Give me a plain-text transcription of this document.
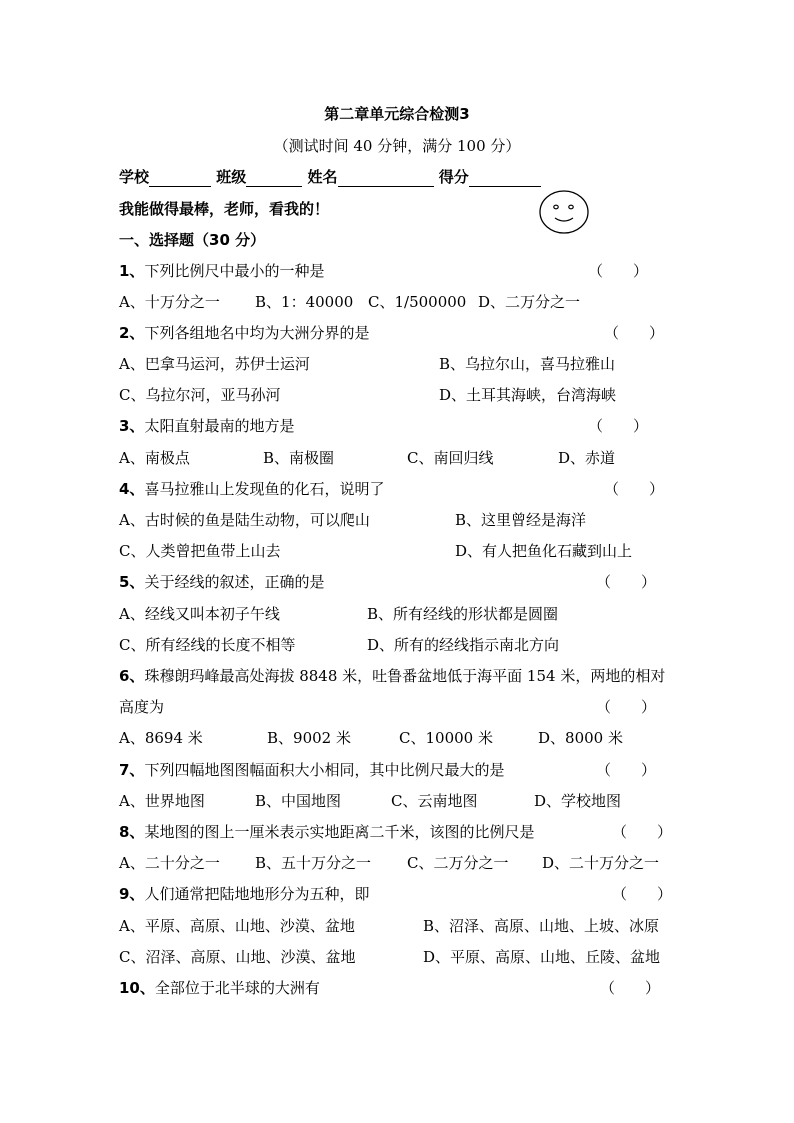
第二章单元综合检测3
（测试时间 40 分钟，满分 100 分）
学校	班级	姓名	得分
我能做得最棒，老师，看我的！
一、选择题（30 分）
1、下列比例尺中最小的一种是	（　　）
A、十万分之一 B、1：40000 C、1/500000 D、二万分之一
2、下列各组地名中均为大洲分界的是	（　　）
A、巴拿马运河，苏伊士运河	B、乌拉尔山，喜马拉雅山
C、乌拉尔河，亚马孙河	D、土耳其海峡，台湾海峡
3、太阳直射最南的地方是	（　　）
A、南极点	B、南极圈	C、南回归线	D、赤道
4、喜马拉雅山上发现鱼的化石，说明了	（　　）
A、古时候的鱼是陆生动物，可以爬山	B、这里曾经是海洋
C、人类曾把鱼带上山去	D、有人把鱼化石藏到山上
5、关于经线的叙述，正确的是	（　　）
A、经线又叫本初子午线	B、所有经线的形状都是圆圈
C、所有经线的长度不相等	D、所有的经线指示南北方向
6、珠穆朗玛峰最高处海拔 8848 米，吐鲁番盆地低于海平面 154 米，两地的相对
高度为	（　　）
A、8694 米	B、9002 米	C、10000 米	D、8000 米
7、下列四幅地图图幅面积大小相同，其中比例尺最大的是	（　　）
A、世界地图	B、中国地图	C、云南地图	D、学校地图
8、某地图的图上一厘米表示实地距离二千米，该图的比例尺是	（　　）
A、二十分之一 B、五十万分之一 C、二万分之一 D、二十万分之一
9、人们通常把陆地地形分为五种，即	（　　）
A、平原、高原、山地、沙漠、盆地	B、沼泽、高原、山地、上坡、冰原
C、沼泽、高原、山地、沙漠、盆地	D、平原、高原、山地、丘陵、盆地
10、全部位于北半球的大洲有	（　　）
